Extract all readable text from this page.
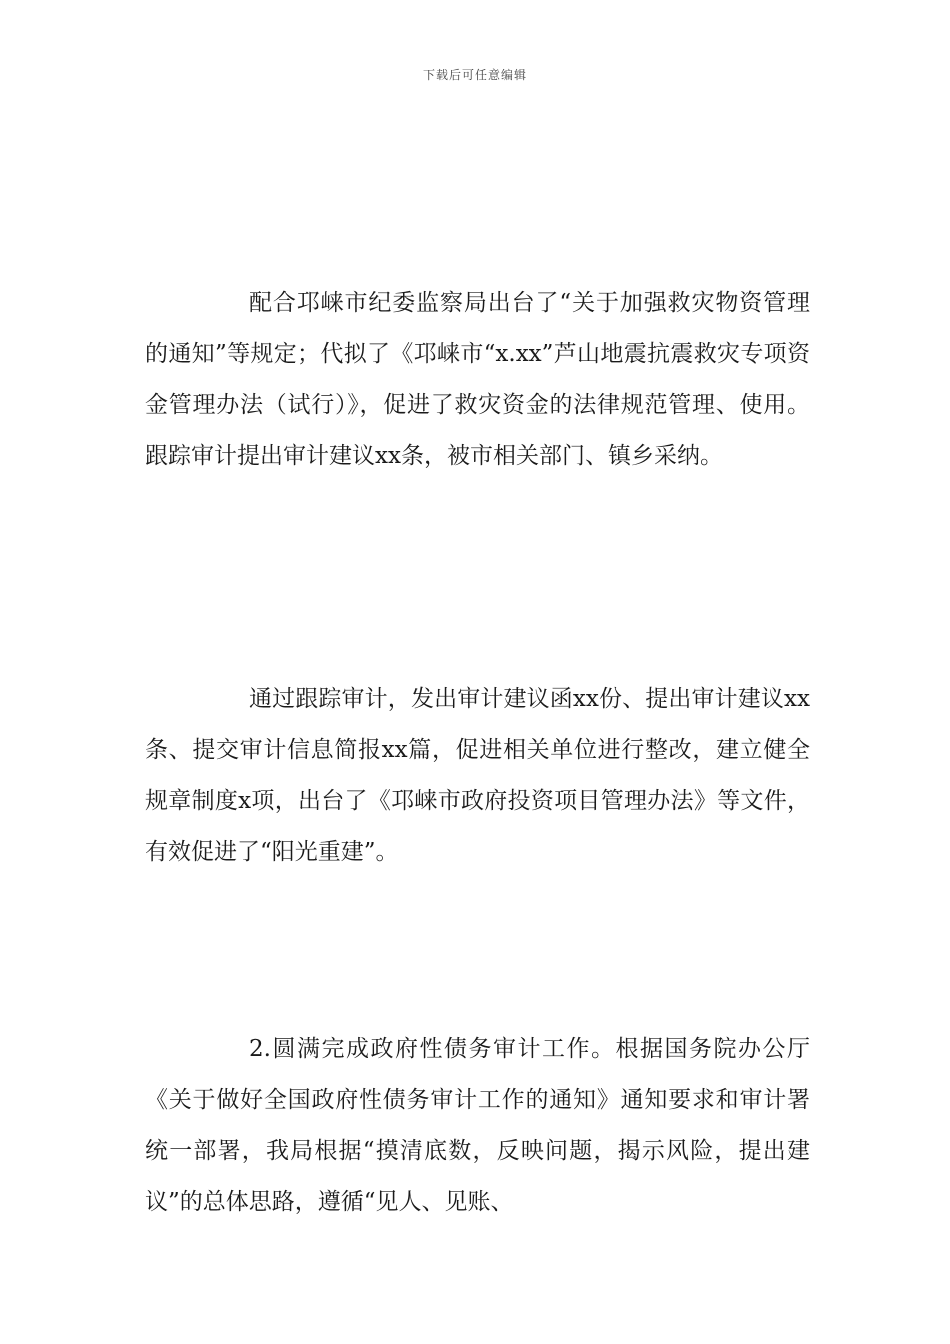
下载后可任意编辑

配合邛崃市纪委监察局出台了“关于加强救灾物资管理的通知”等规定；代拟了《邛崃市“x.xx”芦山地震抗震救灾专项资金管理办法（试行）》，促进了救灾资金的法律规范管理、使用。跟踪审计提出审计建议xx条，被市相关部门、镇乡采纳。

通过跟踪审计，发出审计建议函xx份、提出审计建议xx条、提交审计信息简报xx篇，促进相关单位进行整改，建立健全规章制度x项，出台了《邛崃市政府投资项目管理办法》等文件，有效促进了“阳光重建”。

2.圆满完成政府性债务审计工作。根据国务院办公厅《关于做好全国政府性债务审计工作的通知》通知要求和审计署统一部署，我局根据“摸清底数，反映问题，揭示风险，提出建议”的总体思路，遵循“见人、见账、
